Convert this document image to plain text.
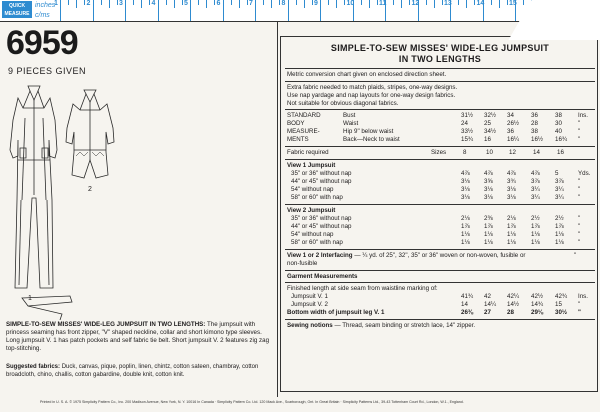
QUICK
MEASURE
inches
c/ms
1	2	3	4	5	6	7	8	9	10	11	12	13	14	15
6959
9 PIECES GIVEN
1
2
SIMPLE-TO-SEW MISSES' WIDE-LEG JUMPSUIT IN TWO LENGTHS: The jumpsuit with princess seaming has front zipper, "V" shaped neckline, collar and short kimono type sleeves. Long jumpsuit V. 1 has patch pockets and self fabric tie belt. Short jumpsuit V. 2 features zig zag top-stitching.
Suggested fabrics: Duck, canvas, pique, poplin, linen, chintz, cotton sateen, chambray, cotton broadcloth, chino, challis, cotton gabardine, double knit, cotton knit.
SIMPLE-TO-SEW MISSES' WIDE-LEG JUMPSUIT
IN TWO LENGTHS
Metric conversion chart given on enclosed direction sheet.
Extra fabric needed to match plaids, stripes, one-way designs.
Use nap yardage and nap layouts for one-way design fabrics.
Not suitable for obvious diagonal fabrics.
STANDARD
BODY
MEASURE-
MENTS
Bust	31½ 32½ 34	36	38	Ins.
Waist	24	25	26½ 28	30	"
Hip 9" below waist	33½ 34½ 36	38	40	"
Back—Neck to waist	15¾ 16	16¼ 16½ 16¾ "
Fabric required	Sizes	8	10	12	14	16
View 1 Jumpsuit
35" or 36" without nap	4⅞ 4⅞ 4⅞ 4⅞ 5	Yds.
44" or 45" without nap	3⅛ 3⅝ 3¾ 3⅞ 3⅞ "
54" without nap	3⅛ 3⅛ 3⅛ 3¼ 3¼ "
58" or 60" with nap	3⅛ 3⅛ 3⅛ 3¼ 3¼ "
View 2 Jumpsuit
35" or 36" without nap	2⅛ 2⅜ 2⅛ 2½ 2½ "
44" or 45" without nap	1⅞ 1⅞ 1⅞ 1⅞ 1⅞ "
54" without nap	1⅛ 1⅛ 1⅛ 1⅛ 1⅛ "
58" or 60" with nap	1⅛ 1⅛ 1⅛ 1⅛ 1⅛ "
View 1 or 2 Interfacing — ¼ yd. of 25", 32", 35" or 36" woven or non-woven, fusible or	"
non-fusible
Garment Measurements
Finished length at side seam from waistline marking of:
Jumpsuit V. 1	41¾ 42	42¼ 42½ 42¾ Ins.
Jumpsuit V. 2	14	14¼ 14½ 14¾ 15	"
Bottom width of jumpsuit leg V. 1	26⅜ 27	28	29⅛ 30½ "
Sewing notions — Thread, seam binding or stretch lace, 14" zipper.
Printed in U. S. A. © 1975 Simplicity Pattern Co., Inc. 200 Madison Avenue, New York, N. Y. 10016 In Canada · Simplicity Pattern Co. Ltd. 120 Mack Ave., Scarborough, Ont. In Great Britain · Simplicity Patterns Ltd., 39-43 Tottenham Court Rd., London, W.1., England.
